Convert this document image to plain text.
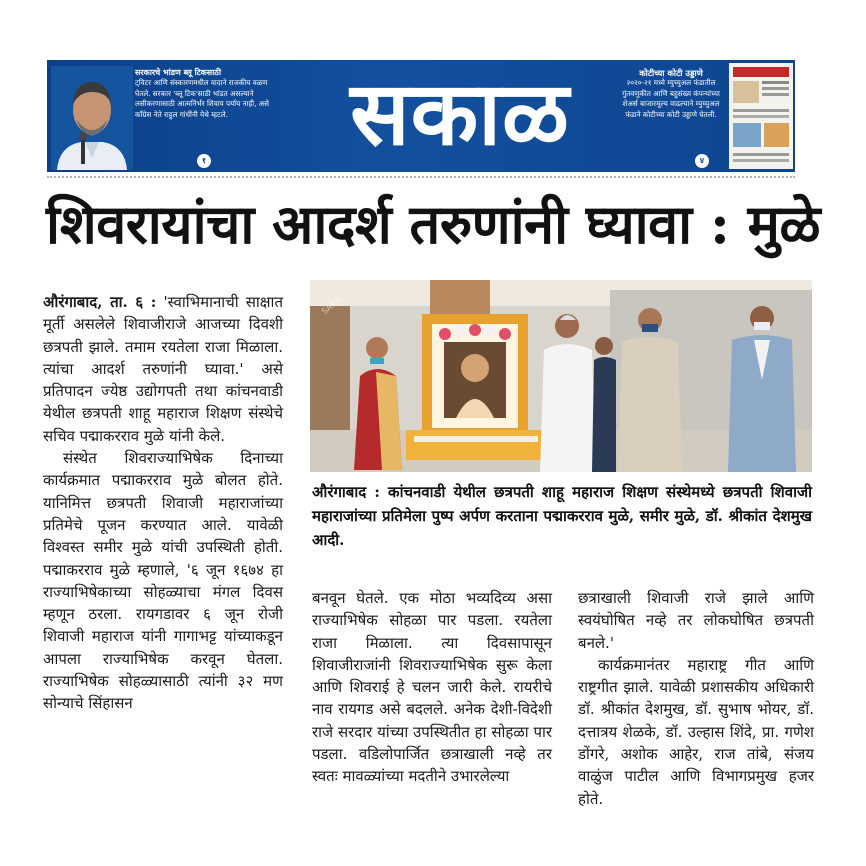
सरकारचे भांडण ब्लू टिकसाठी
ट्विटर आणि संस्कारणमधील वादाने राजकीय वळण घेतले. सरकार 'ब्लू टिक'साठी भांडत असल्याने लसीकरणासाठी आत्मनिर्भर शिवाय पर्याय नाही, असे काँग्रेस नेते राहुल गांधींनी येथे म्हटले.
१	सकाळ	कोटीच्या कोटी उड्डाणे
२०२०-२१ मध्ये म्युच्युअल फंडातील गुंतवणुकीत आणि बहुसंख्य कंपन्यांच्या शेअर्स बाजारमूल्य वाढल्याने म्युच्युअल फंडाने कोटीच्या कोटी उड्डाणे घेतली.
४
शिवरायांचा आदर्श तरुणांनी घ्यावा : मुळे

औरंगाबाद, ता. ६ : 'स्वाभिमानाची साक्षात मूर्ती असलेले शिवाजीराजे आजच्या दिवशी छत्रपती झाले. तमाम रयतेला राजा मिळाला. त्यांचा आदर्श तरुणांनी घ्यावा.' असे प्रतिपादन ज्येष्ठ उद्योगपती तथा कांचनवाडी येथील छत्रपती शाहू महाराज शिक्षण संस्थेचे सचिव पद्माकरराव मुळे यांनी केले.

संस्थेत शिवराज्याभिषेक दिनाच्या कार्यक्रमात पद्माकरराव मुळे बोलत होते. यानिमित्त छत्रपती शिवाजी महाराजांच्या प्रतिमेचे पूजन करण्यात आले. यावेळी विश्वस्त समीर मुळे यांची उपस्थिती होती. पद्माकरराव मुळे म्हणाले, '६ जून १६७४ हा राज्याभिषेकाच्या सोहळ्याचा मंगल दिवस म्हणून ठरला. रायगडावर ६ जून रोजी शिवाजी महाराज यांनी गागाभट्ट यांच्याकडून आपला राज्याभिषेक करवून घेतला. राज्याभिषेक सोहळ्यासाठी त्यांनी ३२ मण सोन्याचे सिंहासन

SAKAL
औरंगाबाद : कांचनवाडी येथील छत्रपती शाहू महाराज शिक्षण संस्थेमध्ये छत्रपती शिवाजी महाराजांच्या प्रतिमेला पुष्प अर्पण करताना पद्माकरराव मुळे, समीर मुळे, डॉ. श्रीकांत देशमुख आदी.

बनवून घेतले. एक मोठा भव्यदिव्य असा राज्याभिषेक सोहळा पार पडला. रयतेला राजा मिळाला. त्या दिवसापासून शिवाजीराजांनी शिवराज्याभिषेक सुरू केला आणि शिवराई हे चलन जारी केले. रायरीचे नाव रायगड असे बदलले. अनेक देशी-विदेशी राजे सरदार यांच्या उपस्थितीत हा सोहळा पार पडला. वडिलोपार्जित छत्राखाली नव्हे तर स्वतः मावळ्यांच्या मदतीने उभारलेल्या

छत्राखाली शिवाजी राजे झाले आणि स्वयंघोषित नव्हे तर लोकघोषित छत्रपती बनले.'

कार्यक्रमानंतर महाराष्ट्र गीत आणि राष्ट्रगीत झाले. यावेळी प्रशासकीय अधिकारी डॉ. श्रीकांत देशमुख, डॉ. सुभाष भोयर, डॉ. दत्तात्रय शेळके, डॉ. उल्हास शिंदे, प्रा. गणेश डोंगरे, अशोक आहेर, राज तांबे, संजय वाळुंज पाटील आणि विभागप्रमुख हजर होते.
